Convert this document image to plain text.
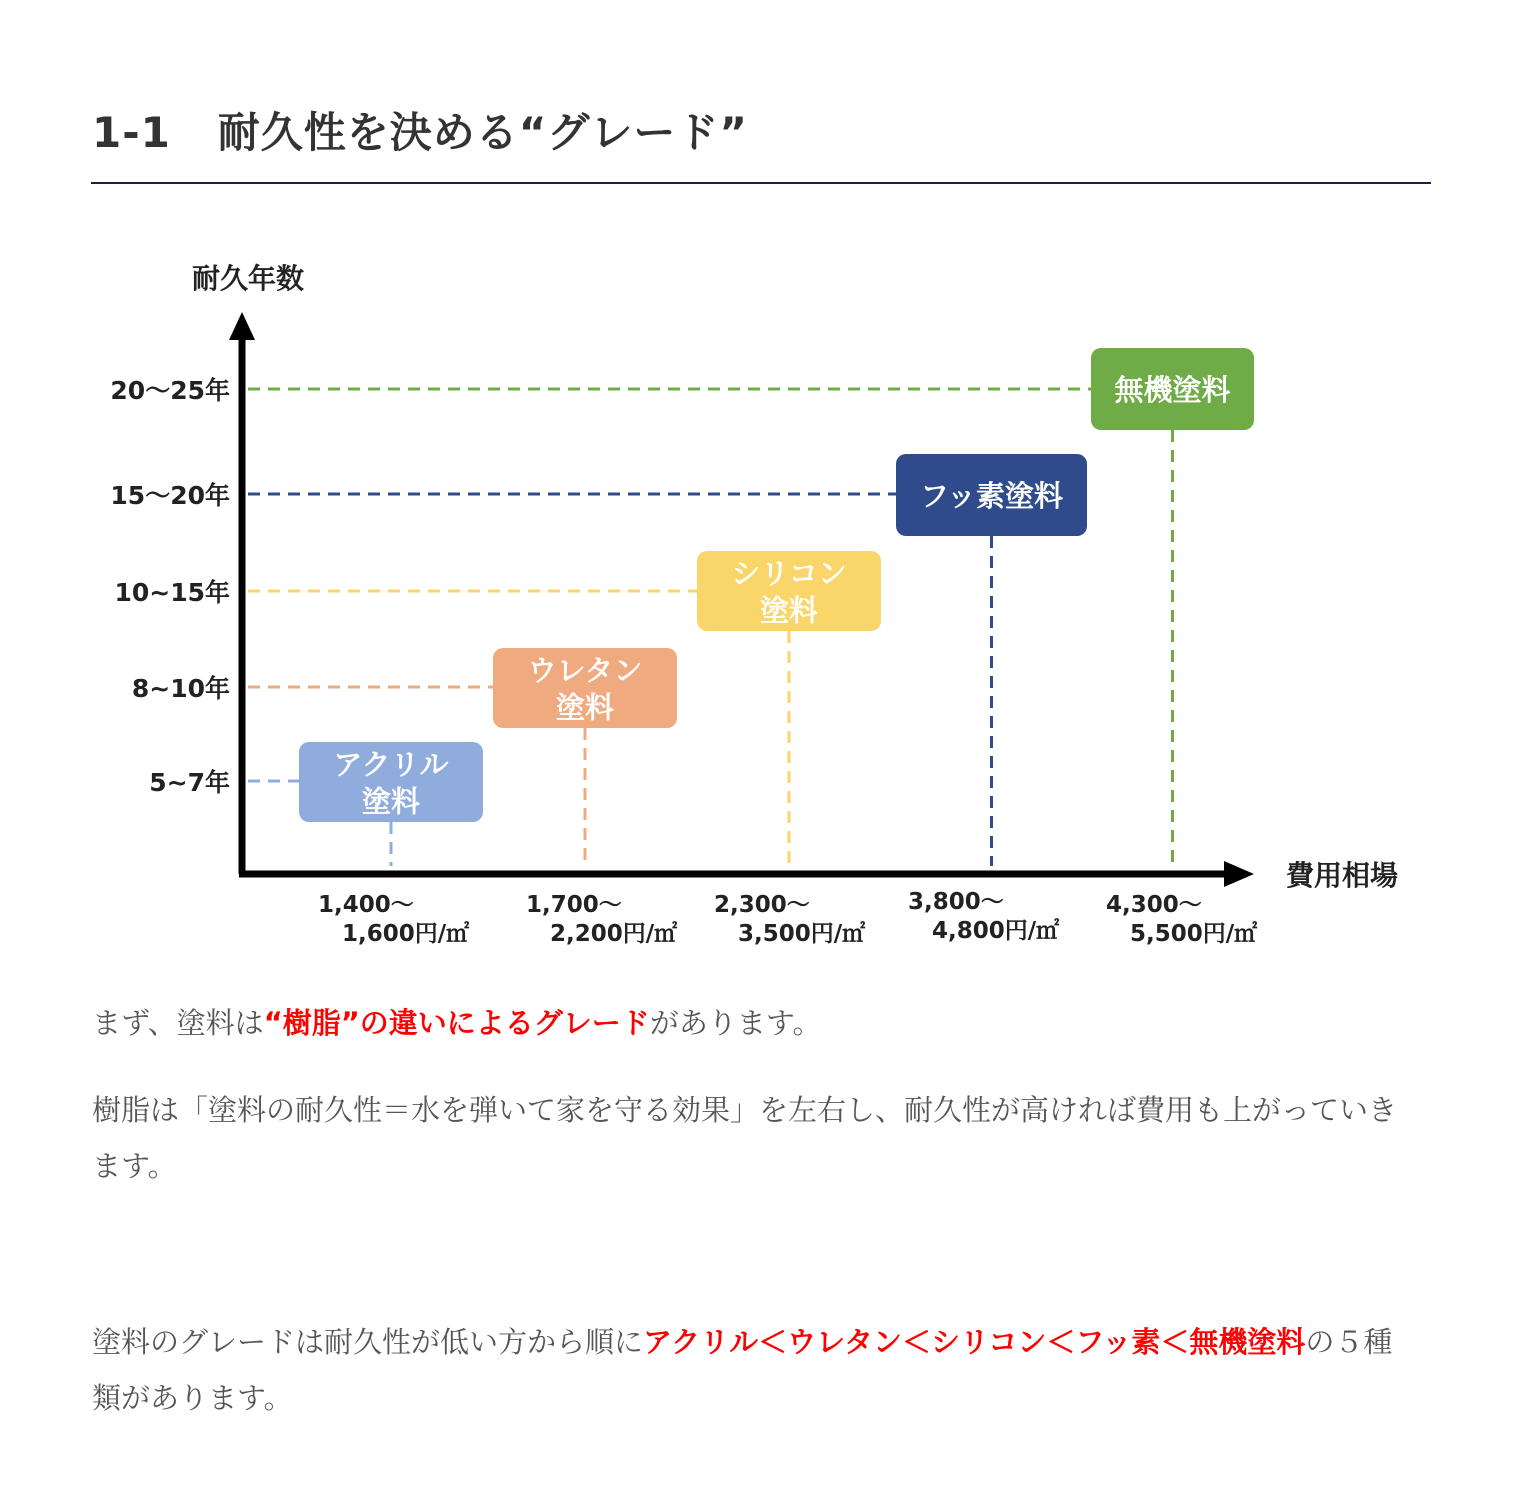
1-1 耐久性を決める“グレード”
耐久年数
費用相場
20〜25年
15〜20年
10~15年
8~10年
5~7年
アクリル
塗料
1,400〜
1,600円/㎡
ウレタン
塗料
1,700〜
2,200円/㎡
シリコン
塗料
2,300〜
3,500円/㎡
フッ素塗料
3,800〜
4,800円/㎡
無機塗料
4,300〜
5,500円/㎡

まず、塗料は“樹脂”の違いによるグレードがあります。

樹脂は「塗料の耐久性＝水を弾いて家を守る効果」を左右し、耐久性が高ければ費用も上がっていきます。

塗料のグレードは耐久性が低い方から順にアクリル＜ウレタン＜シリコン＜フッ素＜無機塗料の５種類があります。
